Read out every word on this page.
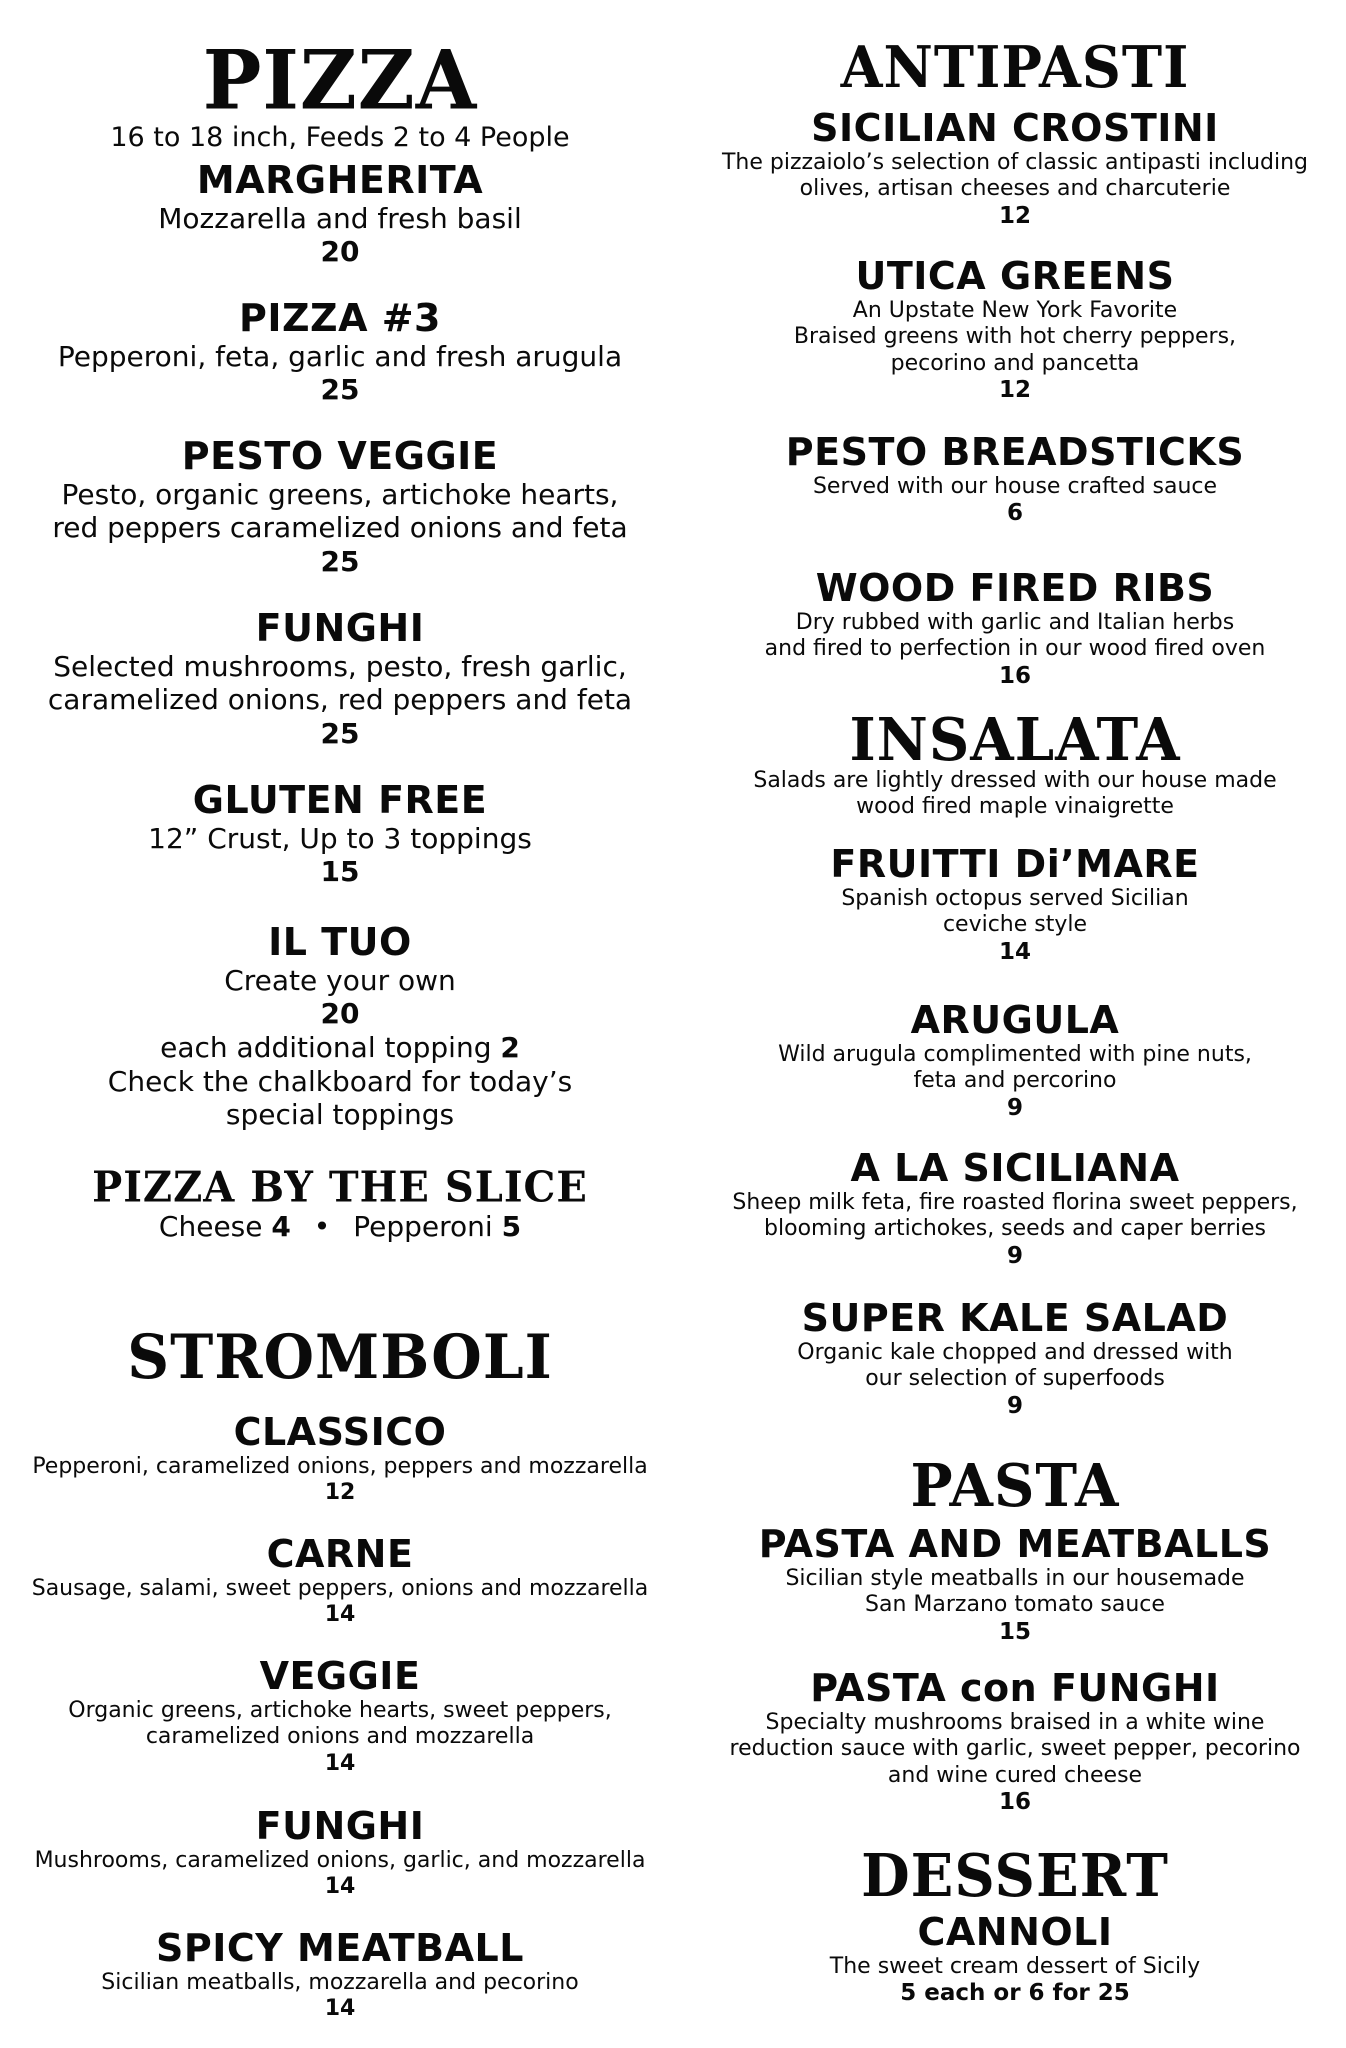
PIZZA
16 to 18 inch, Feeds 2 to 4 People
MARGHERITA
Mozzarella and fresh basil
20
PIZZA #3
Pepperoni, feta, garlic and fresh arugula
25
PESTO VEGGIE
Pesto, organic greens, artichoke hearts,
red peppers caramelized onions and feta
25
FUNGHI
Selected mushrooms, pesto, fresh garlic,
caramelized onions, red peppers and feta
25
GLUTEN FREE
12” Crust, Up to 3 toppings
15
IL TUO
Create your own
20
each additional topping 2
Check the chalkboard for today’s
special toppings
PIZZA BY THE SLICE
Cheese 4 • Pepperoni 5
STROMBOLI
CLASSICO
Pepperoni, caramelized onions, peppers and mozzarella
12
CARNE
Sausage, salami, sweet peppers, onions and mozzarella
14
VEGGIE
Organic greens, artichoke hearts, sweet peppers,
caramelized onions and mozzarella
14
FUNGHI
Mushrooms, caramelized onions, garlic, and mozzarella
14
SPICY MEATBALL
Sicilian meatballs, mozzarella and pecorino
14
ANTIPASTI
SICILIAN CROSTINI
The pizzaiolo’s selection of classic antipasti including
olives, artisan cheeses and charcuterie
12
UTICA GREENS
An Upstate New York Favorite
Braised greens with hot cherry peppers,
pecorino and pancetta
12
PESTO BREADSTICKS
Served with our house crafted sauce
6
WOOD FIRED RIBS
Dry rubbed with garlic and Italian herbs
and fired to perfection in our wood fired oven
16
INSALATA
Salads are lightly dressed with our house made
wood fired maple vinaigrette
FRUITTI Di’MARE
Spanish octopus served Sicilian
ceviche style
14
ARUGULA
Wild arugula complimented with pine nuts,
feta and percorino
9
A LA SICILIANA
Sheep milk feta, fire roasted florina sweet peppers,
blooming artichokes, seeds and caper berries
9
SUPER KALE SALAD
Organic kale chopped and dressed with
our selection of superfoods
9
PASTA
PASTA AND MEATBALLS
Sicilian style meatballs in our housemade
San Marzano tomato sauce
15
PASTA con FUNGHI
Specialty mushrooms braised in a white wine
reduction sauce with garlic, sweet pepper, pecorino
and wine cured cheese
16
DESSERT
CANNOLI
The sweet cream dessert of Sicily
5 each or 6 for 25
